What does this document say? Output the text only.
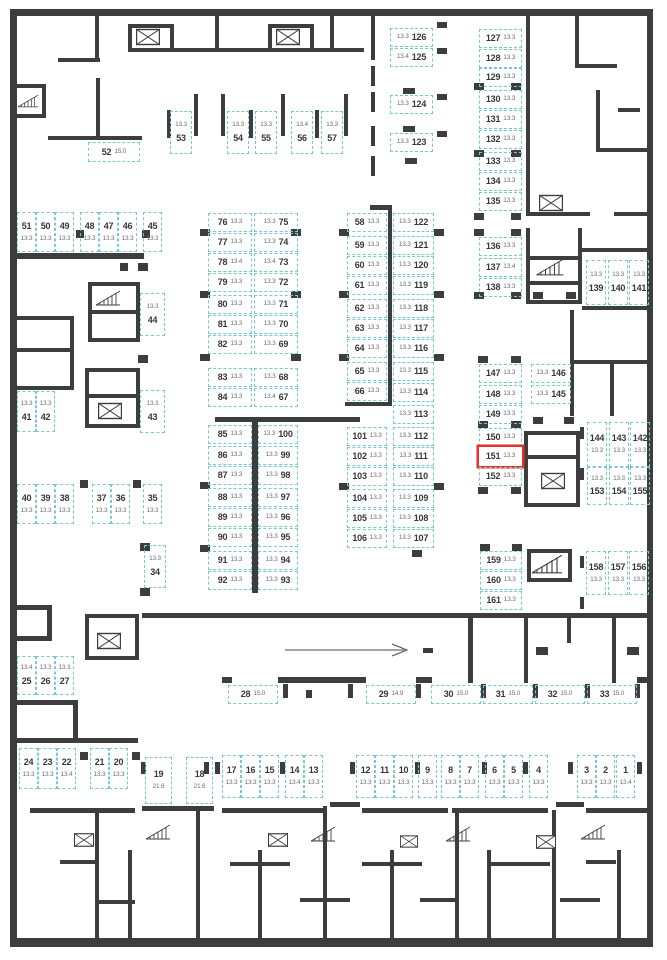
1
13.4
2
13.3
3
13.3
4
13.3
5
13.3
6
13.3
7
13.3
8
13.3
9
13.3
10
13.3
11
13.3
12
13.3
13
13.3
14
13.4
15
13.3
16
13.3
17
13.3
18
21.6
19
21.6
20
13.3
21
13.3
22
13.4
23
13.3
24
13.3
25
13.4
26
13.3
27
13.3
28 15.0	29 14.9	30 15.0	31 15.0	32 15.0	33 15.0
34
13.3
35
13.3
36
13.3
37
13.3
38
13.3
39
13.3
40
13.3
41
13.3
42
13.3
43
13.3
44
13.3
45
13.3
46
13.3
47
13.3
48
13.3
49
13.3
50
13.3
51
13.3
52 15.0
53
13.3
54
13.3
55
13.3
56
13.4
57
13.3
58 13.3
59 13.3
60 13.3
61 13.3
62 13.3
63 13.3
64 13.3
65 13.3
66 13.3
67
13.4
68
13.3
69
13.3
70
13.3
71
13.3
72
13.3
73
13.4
74
13.3
75
13.3
76 13.3
77 13.3
78 13.4
79 13.3
80 13.3
81 13.3
82 13.3
83 13.3
84 13.3
85 13.3
86 13.3
87 13.3
88 13.3
89 13.3
90 13.3
91 13.3
92 13.3	93
13.3
94
13.3
95
13.3
96
13.3
97
13.3
98
13.3
99
13.3
100
13.3	101 13.3
102 13.3
103 13.3
104 13.3
105 13.3
106 13.3	107
13.3
108
13.3
109
13.3
110
13.3
111
13.3
112
13.3
113
13.3
114
13.3
115
13.3
116
13.3
117
13.3
118
13.3
119
13.3
120
13.3
121
13.3
122
13.3
123
13.3
124
13.3
125
13.4
126
13.3	127 13.3
128 13.3
129 13.3
130 13.3
131 13.3
132 13.3
133 13.3
134 13.3
135 13.3
136 13.3
137 13.4
138 13.3	139
13.3
140
13.3
141
13.3
142
13.3
143
13.3
144
13.3
145
13.3
146
13.3
147 13.3
148 13.3
149 13.3
150 13.3
151 13.3
152 13.3
153
13.3
154
13.3
155
13.3
156
13.3
157
13.3
158
13.3
159 13.3
160 13.3
161 13.3
